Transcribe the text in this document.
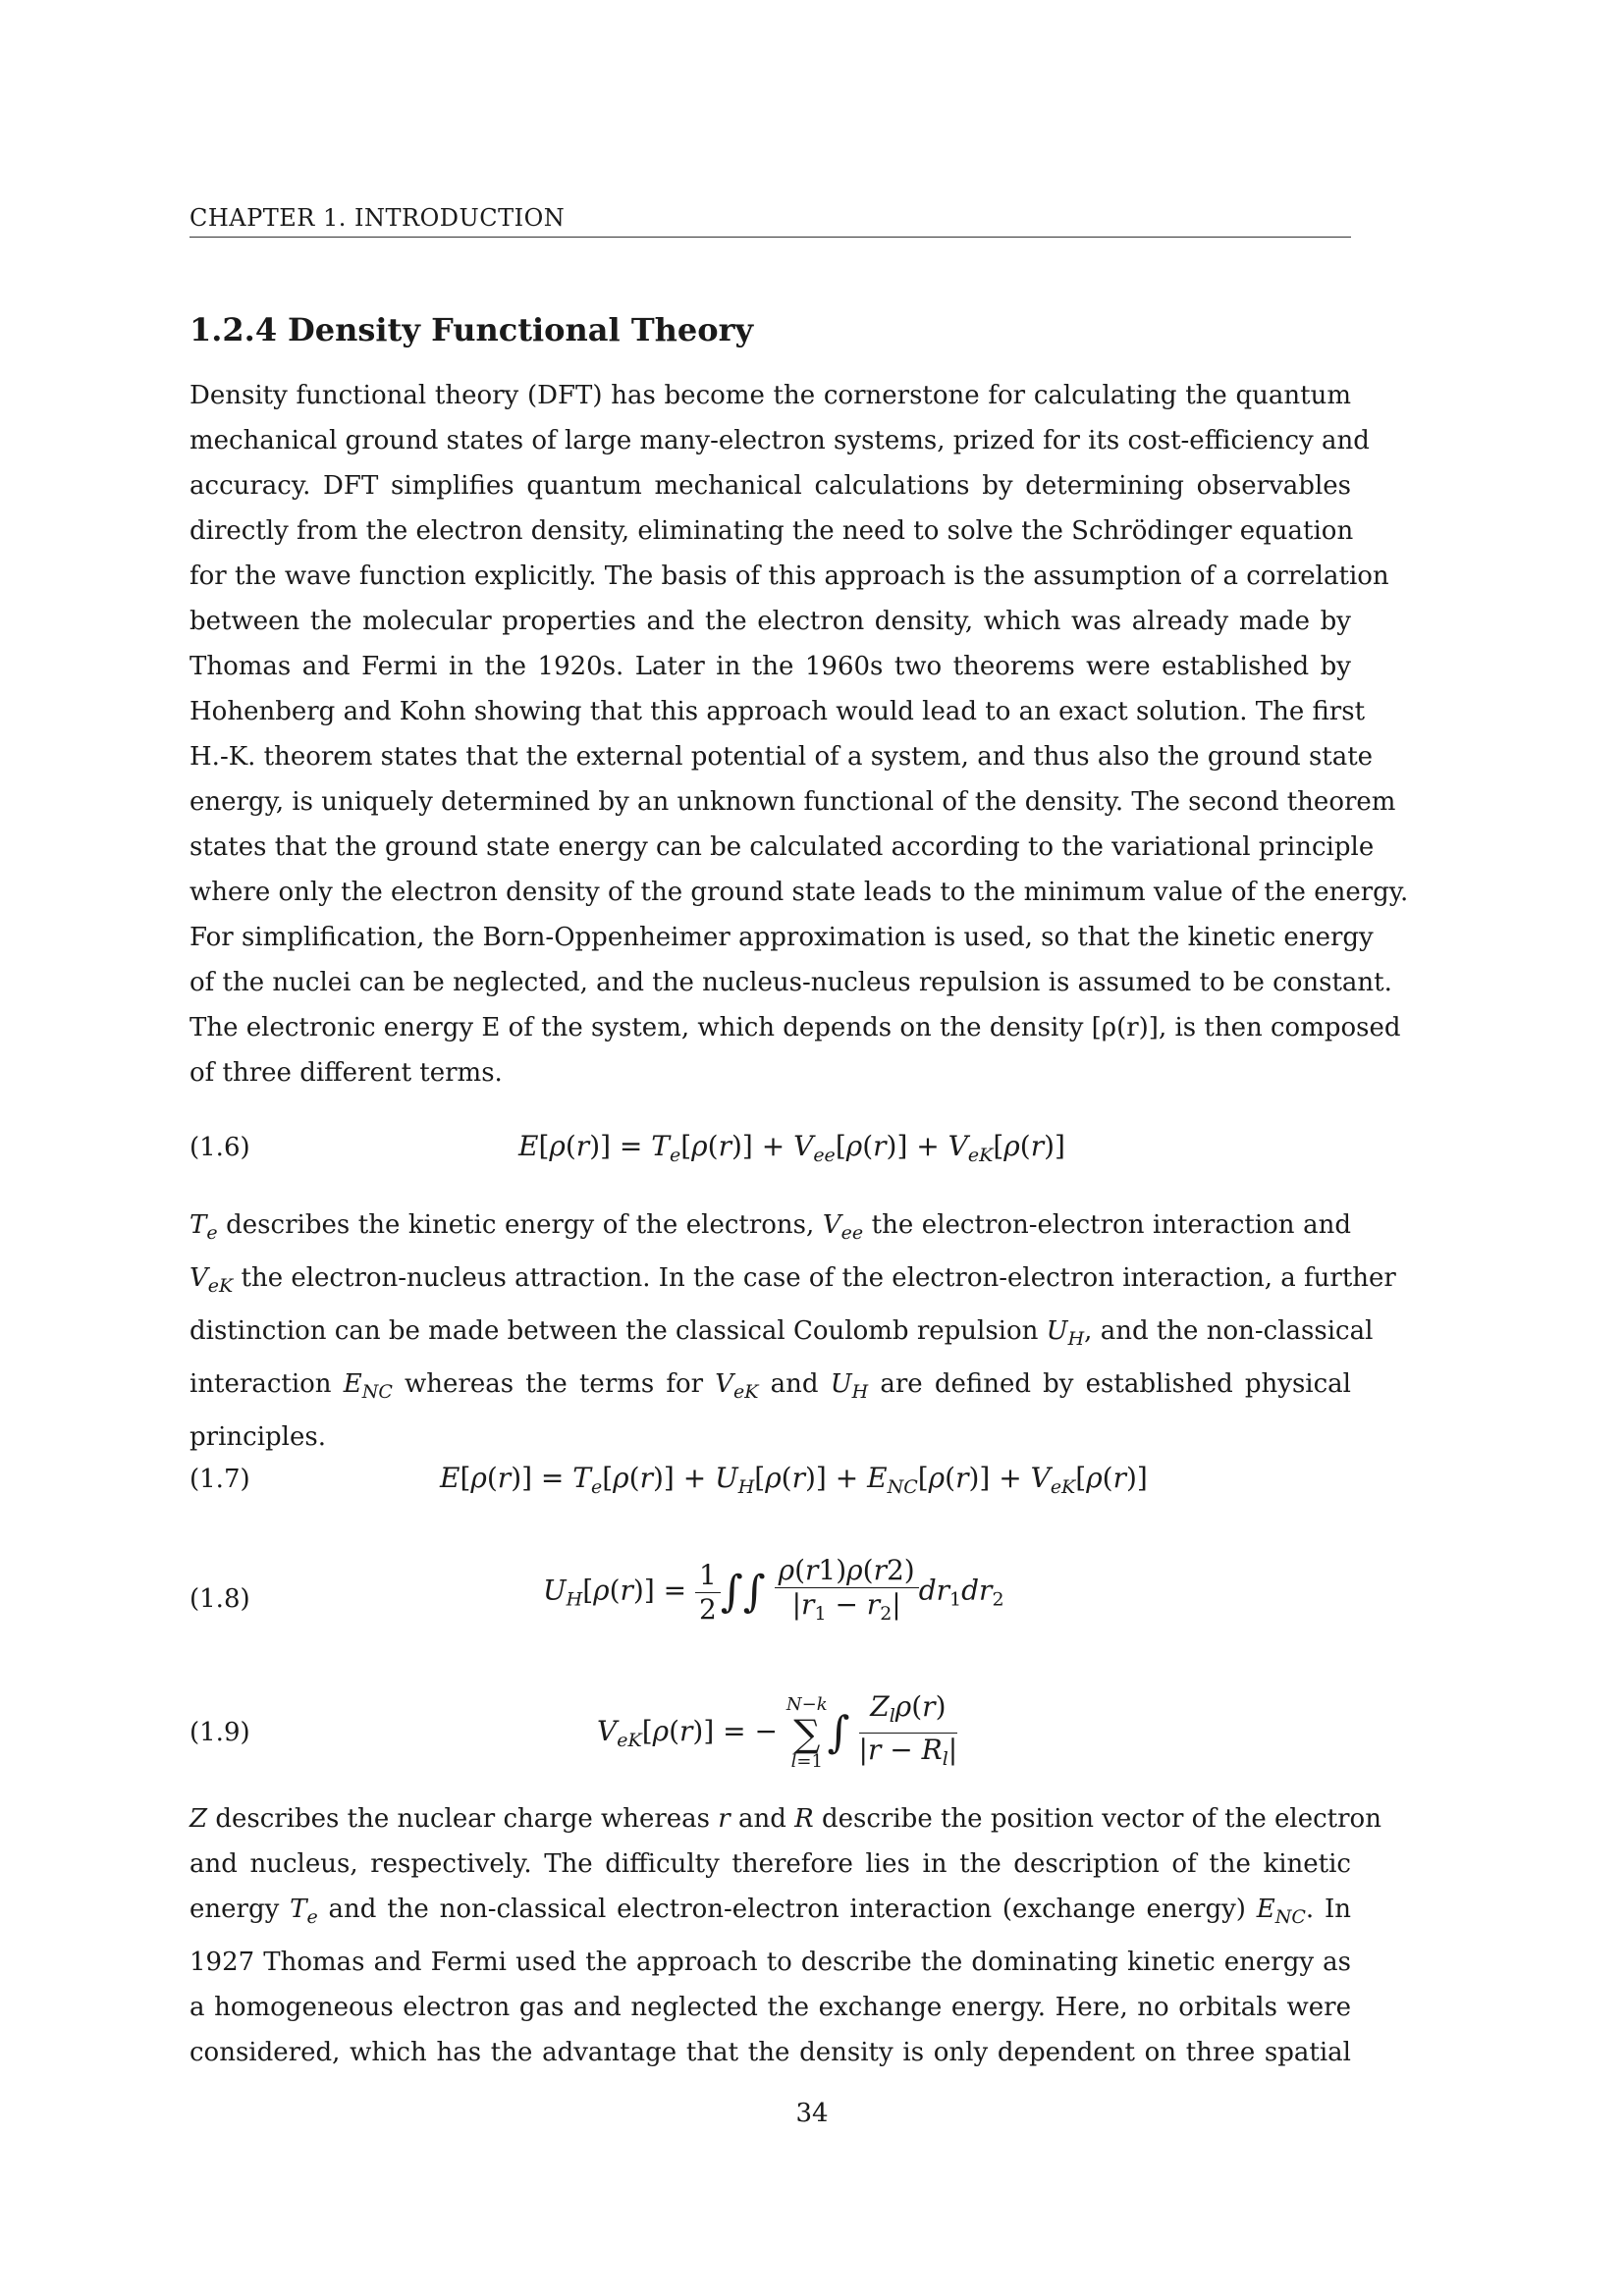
CHAPTER 1. INTRODUCTION
1.2.4 Density Functional Theory
Density functional theory (DFT) has become the cornerstone for calculating the quantum
mechanical ground states of large many-electron systems, prized for its cost-efficiency and
accuracy. DFT simplifies quantum mechanical calculations by determining observables
directly from the electron density, eliminating the need to solve the Schrödinger equation
for the wave function explicitly. The basis of this approach is the assumption of a correlation
between the molecular properties and the electron density, which was already made by
Thomas and Fermi in the 1920s. Later in the 1960s two theorems were established by
Hohenberg and Kohn showing that this approach would lead to an exact solution. The first
H.-K. theorem states that the external potential of a system, and thus also the ground state
energy, is uniquely determined by an unknown functional of the density. The second theorem
states that the ground state energy can be calculated according to the variational principle
where only the electron density of the ground state leads to the minimum value of the energy.
For simplification, the Born-Oppenheimer approximation is used, so that the kinetic energy
of the nuclei can be neglected, and the nucleus-nucleus repulsion is assumed to be constant.
The electronic energy E of the system, which depends on the density [ρ(r)], is then composed
of three different terms.
(1.6)	$E[\rho(r)] = T_e[\rho(r)] + V_{ee}[\rho(r)] + V_{eK}[\rho(r)]$
$T_e$ describes the kinetic energy of the electrons, $V_{ee}$ the electron-electron interaction and
$V_{eK}$ the electron-nucleus attraction. In the case of the electron-electron interaction, a further
distinction can be made between the classical Coulomb repulsion $U_H$, and the non-classical
interaction $E_{NC}$ whereas the terms for $V_{eK}$ and $U_H$ are defined by established physical
principles.
(1.7)	$E[\rho(r)] = T_e[\rho(r)] + U_H[\rho(r)] + E_{NC}[\rho(r)] + V_{eK}[\rho(r)]$
(1.8)	$U_H[\rho(r)] = \frac{1}{2}$ ∫∫ $\frac{\rho(r1)\rho(r2)}{|r_1 - r_2|} dr_1dr_2$
(1.9)	$V_{eK}[\rho(r)]$ = −
N−k
∑
l=1
∫ $\frac{Z_l\rho(r)}{|r - R_l|}$
Z describes the nuclear charge whereas r and R describe the position vector of the electron
and nucleus, respectively. The difficulty therefore lies in the description of the kinetic
energy $T_e$ and the non-classical electron-electron interaction (exchange energy) $E_{NC}$. In
1927 Thomas and Fermi used the approach to describe the dominating kinetic energy as
a homogeneous electron gas and neglected the exchange energy. Here, no orbitals were
considered, which has the advantage that the density is only dependent on three spatial
34
